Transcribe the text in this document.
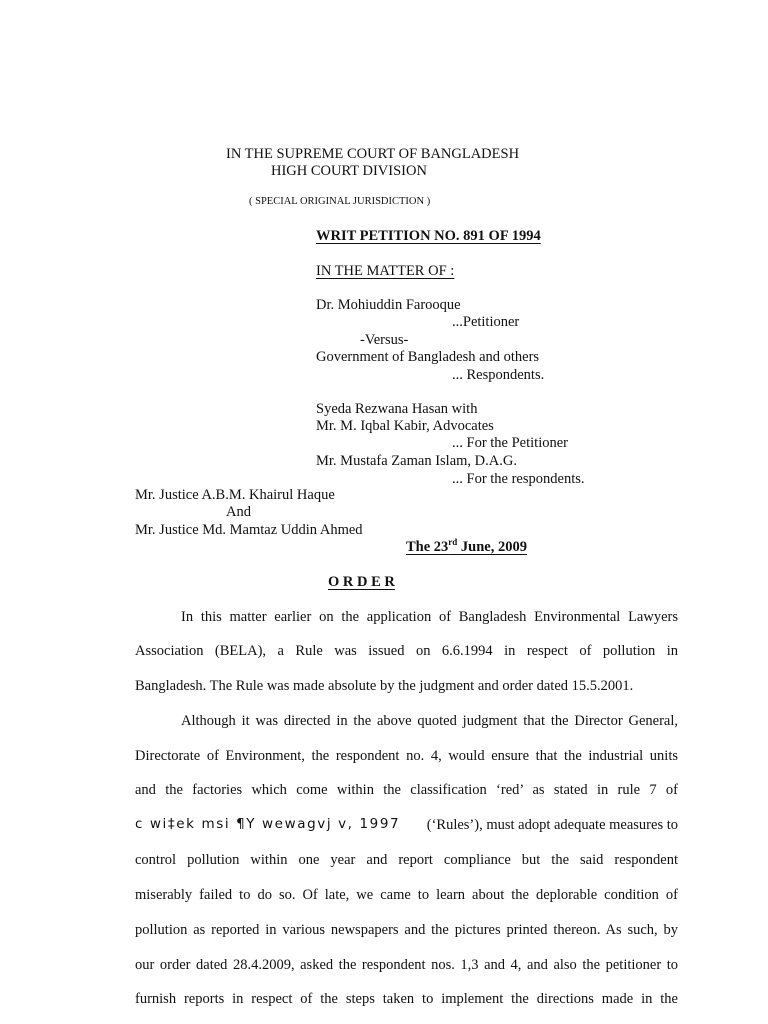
IN THE SUPREME COURT OF BANGLADESH
HIGH COURT DIVISION
( SPECIAL ORIGINAL JURISDICTION )
WRIT PETITION NO. 891 OF 1994
IN THE MATTER OF :
Dr. Mohiuddin Farooque
...Petitioner
-Versus-
Government of Bangladesh and others
... Respondents.
Syeda Rezwana Hasan with
Mr. M. Iqbal Kabir, Advocates
... For the Petitioner
Mr. Mustafa Zaman Islam, D.A.G.
... For the respondents.
Mr. Justice A.B.M. Khairul Haque
And
Mr. Justice Md. Mamtaz Uddin Ahmed
The 23rd June, 2009
O R D E R
In this matter earlier on the application of Bangladesh Environmental Lawyers
Association (BELA), a Rule was issued on 6.6.1994 in respect of pollution in
Bangladesh. The Rule was made absolute by the judgment and order dated 15.5.2001.
Although it was directed in the above quoted judgment that the Director General,
Directorate of Environment, the respondent no. 4, would ensure that the industrial units
and the factories which come within the classification ‘red’ as stated in rule 7 of
c wi‡ek msi ¶Y wewagvj v, 1997 (‘Rules’), must adopt adequate measures to
control pollution within one year and report compliance but the said respondent
miserably failed to do so. Of late, we came to learn about the deplorable condition of
pollution as reported in various newspapers and the pictures printed thereon. As such, by
our order dated 28.4.2009, asked the respondent nos. 1,3 and 4, and also the petitioner to
furnish reports in respect of the steps taken to implement the directions made in the
